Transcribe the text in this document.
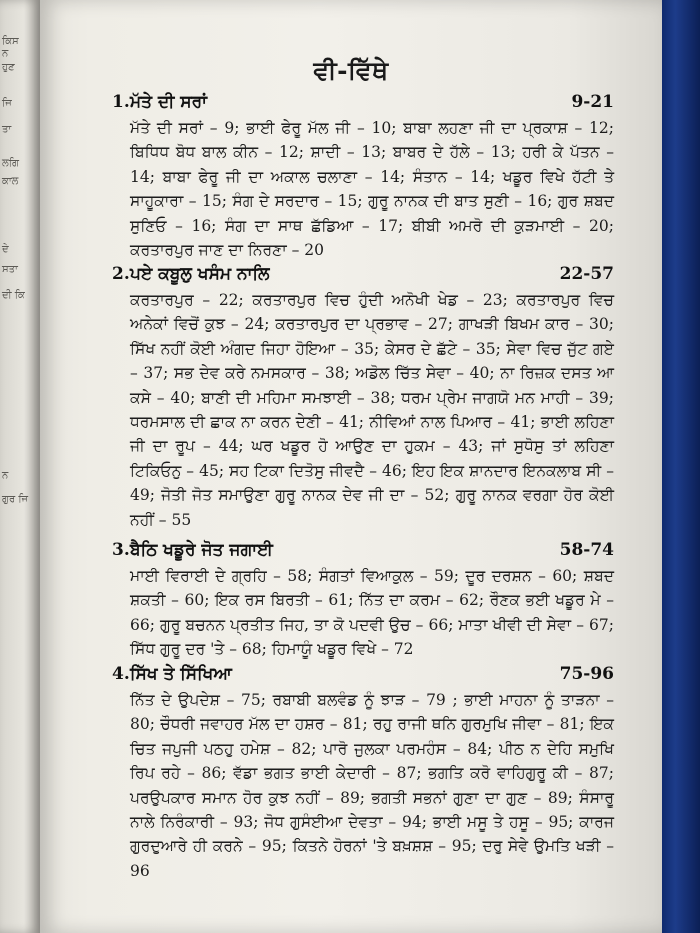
ਕਿਸ
ਨ
ਹੁਣ
ਜਿ
ਤਾ
ਲਗਿ
ਕਾਲ
ਦੇ
ਸਤਾ
ਦੀ ਕਿ
ਨ
ਗੁਰ ਜਿ
ਵੀ-ਵਿੱਥੇ
1. ਮੱਤੇ ਦੀ ਸਰਾਂ	9-21
ਮੱਤੇ ਦੀ ਸਰਾਂ – 9; ਭਾਈ ਫੇਰੂ ਮੱਲ ਜੀ – 10; ਬਾਬਾ ਲਹਣਾ ਜੀ ਦਾ ਪ੍ਰਕਾਸ਼ – 12; ਬਿਧਿਧ ਬੋਧ ਬਾਲ ਕੀਨ – 12; ਸ਼ਾਦੀ – 13; ਬਾਬਰ ਦੇ ਹੱਲੇ – 13; ਹਰੀ ਕੇ ਪੱਤਨ – 14; ਬਾਬਾ ਫੇਰੂ ਜੀ ਦਾ ਅਕਾਲ ਚਲਾਣਾ – 14; ਸੰਤਾਨ – 14; ਖਡੂਰ ਵਿਖੇ ਹੱਟੀ ਤੇ ਸਾਹੂਕਾਰਾ – 15; ਸੰਗ ਦੇ ਸਰਦਾਰ – 15; ਗੁਰੂ ਨਾਨਕ ਦੀ ਬਾਤ ਸੁਣੀ – 16; ਗੁਰ ਸ਼ਬਦ ਸੁਣਿਓ – 16; ਸੰਗ ਦਾ ਸਾਥ ਛੱਡਿਆ – 17; ਬੀਬੀ ਅਮਰੋ ਦੀ ਕੁੜਮਾਈ – 20; ਕਰਤਾਰਪੁਰ ਜਾਣ ਦਾ ਨਿਰਣਾ – 20
2. ਪਏ ਕਬੂਲੁ ਖਸੰਮ ਨਾਲਿ	22-57
ਕਰਤਾਰਪੁਰ – 22; ਕਰਤਾਰਪੁਰ ਵਿਚ ਹੁੰਦੀ ਅਨੋਖੀ ਖੇਡ – 23; ਕਰਤਾਰਪੁਰ ਵਿਚ ਅਨੇਕਾਂ ਵਿਚੋਂ ਕੁਝ – 24; ਕਰਤਾਰਪੁਰ ਦਾ ਪ੍ਰਭਾਵ – 27; ਗਾਖੜੀ ਬਿਖਮ ਕਾਰ – 30; ਸਿੱਖ ਨਹੀਂ ਕੋਈ ਅੰਗਦ ਜਿਹਾ ਹੋਇਆ – 35; ਕੇਸਰ ਦੇ ਛੱਟੇ – 35; ਸੇਵਾ ਵਿਚ ਜੁੱਟ ਗਏ – 37; ਸਭ ਦੇਵ ਕਰੇ ਨਮਸਕਾਰ – 38; ਅਡੋਲ ਚਿੱਤ ਸੇਵਾ – 40; ਨਾ ਰਿਜ਼ਕ ਦਸਤ ਆ ਕਸੇ – 40; ਬਾਣੀ ਦੀ ਮਹਿਮਾ ਸਮਝਾਈ – 38; ਧਰਮ ਪ੍ਰੇਮ ਜਾਗਯੋ ਮਨ ਮਾਹੀ – 39; ਧਰਮਸਾਲ ਦੀ ਛਾਕ ਨਾ ਕਰਨ ਦੇਣੀ – 41; ਨੀਵਿਆਂ ਨਾਲ ਪਿਆਰ – 41; ਭਾਈ ਲਹਿਣਾ ਜੀ ਦਾ ਰੂਪ – 44; ਘਰ ਖਡੂਰ ਹੋ ਆਉਣ ਦਾ ਹੁਕਮ – 43; ਜਾਂ ਸੁਧੋਸੁ ਤਾਂ ਲਹਿਣਾ ਟਿਕਿਓਨੁ – 45; ਸਹ ਟਿਕਾ ਦਿਤੋਸੁ ਜੀਵਦੈ – 46; ਇਹ ਇਕ ਸ਼ਾਨਦਾਰ ਇਨਕਲਾਬ ਸੀ – 49; ਜੋਤੀ ਜੋਤ ਸਮਾਉਣਾ ਗੁਰੂ ਨਾਨਕ ਦੇਵ ਜੀ ਦਾ – 52; ਗੁਰੂ ਨਾਨਕ ਵਰਗਾ ਹੋਰ ਕੋਈ ਨਹੀਂ – 55
3. ਬੈਠਿ ਖਡੂਰੇ ਜੋਤ ਜਗਾਈ	58-74
ਮਾਈ ਵਿਰਾਈ ਦੇ ਗ੍ਰਹਿ – 58; ਸੰਗਤਾਂ ਵਿਆਕੁਲ – 59; ਦੂਰ ਦਰਸ਼ਨ – 60; ਸ਼ਬਦ ਸ਼ਕਤੀ – 60; ਇਕ ਰਸ ਬਿਰਤੀ – 61; ਨਿੱਤ ਦਾ ਕਰਮ – 62; ਰੌਣਕ ਭਈ ਖਡੂਰ ਮੇ – 66; ਗੁਰੂ ਬਚਨਨ ਪ੍ਰਤੀਤ ਜਿਹ, ਤਾ ਕੋ ਪਦਵੀ ਉਚ – 66; ਮਾਤਾ ਖੀਵੀ ਦੀ ਸੇਵਾ – 67; ਸਿੱਧ ਗੁਰੂ ਦਰ 'ਤੇ – 68; ਹਿਮਾਯੂੰ ਖਡੂਰ ਵਿਖੇ – 72
4. ਸਿੱਖ ਤੇ ਸਿੱਖਿਆ	75-96
ਨਿੱਤ ਦੇ ਉਪਦੇਸ਼ – 75; ਰਬਾਬੀ ਬਲਵੰਡ ਨੂੰ ਝਾੜ – 79 ; ਭਾਈ ਮਾਹਨਾ ਨੂੰ ਤਾੜਨਾ – 80; ਚੌਧਰੀ ਜਵਾਹਰ ਮੱਲ ਦਾ ਹਸ਼ਰ – 81; ਰਹੁ ਰਾਜੀ ਥਨਿ ਗੁਰਮੁਖਿ ਜੀਵਾ – 81; ਇਕ ਚਿਤ ਜਪੁਜੀ ਪਠਹੁ ਹਮੇਸ਼ – 82; ਪਾਰੋ ਜੁਲਕਾ ਪਰਮਹੰਸ – 84; ਪੀਠ ਨ ਦੇਹਿ ਸਮੁਖਿ ਰਿਪ ਰਹੇ – 86; ਵੱਡਾ ਭਗਤ ਭਾਈ ਕੇਦਾਰੀ – 87; ਭਗਤਿ ਕਰੋ ਵਾਹਿਗੁਰੂ ਕੀ – 87; ਪਰਉਪਕਾਰ ਸਮਾਨ ਹੋਰ ਕੁਝ ਨਹੀਂ – 89; ਭਗਤੀ ਸਭਨਾਂ ਗੁਣਾ ਦਾ ਗੁਣ – 89; ਸੰਸਾਰੂ ਨਾਲੇ ਨਿਰੰਕਾਰੀ – 93; ਜੋਧ ਗੁਸੰਈਆ ਦੇਵਤਾ – 94; ਭਾਈ ਮਸੂ ਤੇ ਹਸੂ – 95; ਕਾਰਜ ਗੁਰਦੁਆਰੇ ਹੀ ਕਰਨੇ – 95; ਕਿਤਨੇ ਹੋਰਨਾਂ 'ਤੇ ਬਖ਼ਸ਼ਸ਼ – 95; ਦਰੁ ਸੇਵੇ ਉਮਤਿ ਖੜੀ – 96
